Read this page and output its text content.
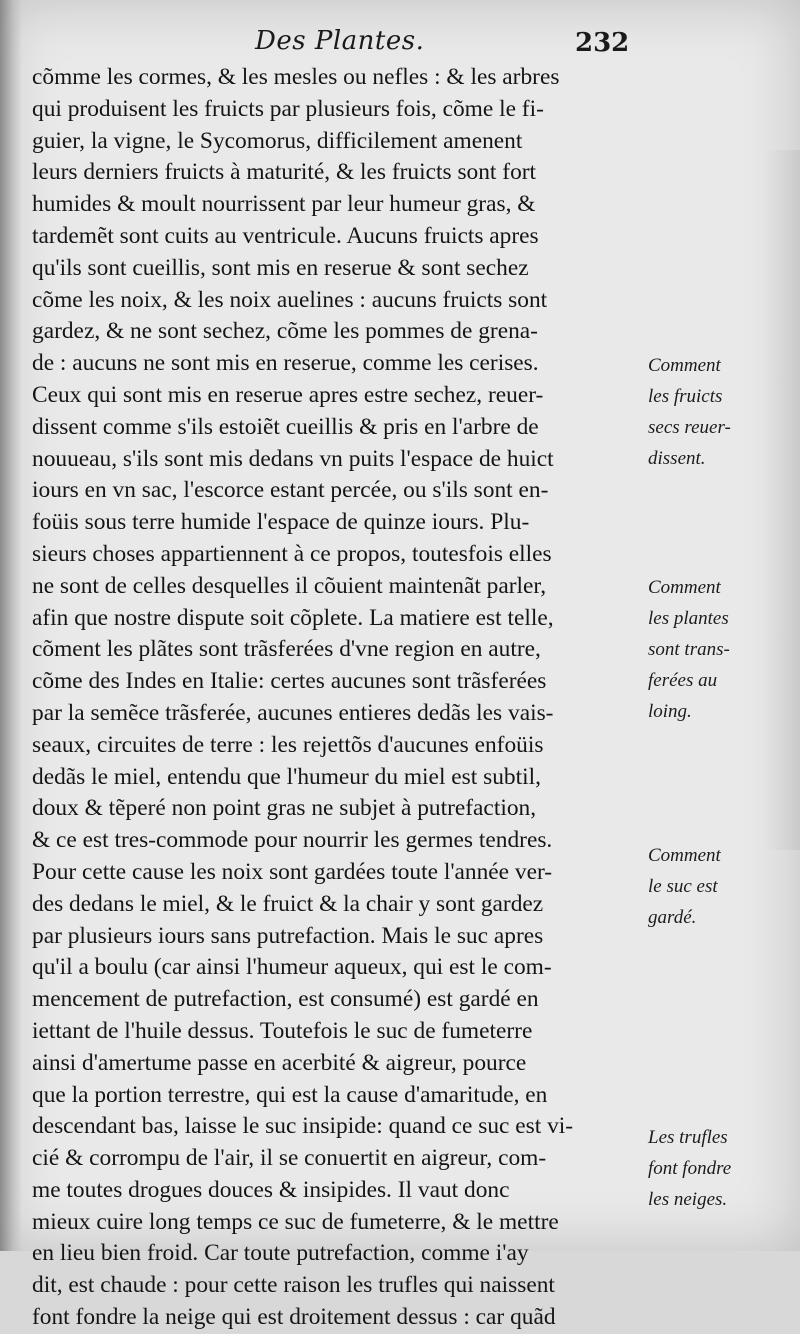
Des Plantes.	232
cõmme les cormes, & les mesles ou nefles : & les arbres
qui produisent les fruicts par plusieurs fois, cõme le fi-
guier, la vigne, le Sycomorus, difficilement amenent
leurs derniers fruicts à maturité, & les fruicts sont fort
humides & moult nourrissent par leur humeur gras, &
tardemẽt sont cuits au ventricule. Aucuns fruicts apres
qu'ils sont cueillis, sont mis en reserue & sont sechez
cõme les noix, & les noix auelines : aucuns fruicts sont
gardez, & ne sont sechez, cõme les pommes de grena-
de : aucuns ne sont mis en reserue, comme les cerises.
Ceux qui sont mis en reserue apres estre sechez, reuer-
dissent comme s'ils estoiẽt cueillis & pris en l'arbre de
nouueau, s'ils sont mis dedans vn puits l'espace de huict
iours en vn sac, l'escorce estant percée, ou s'ils sont en-
foüis sous terre humide l'espace de quinze iours. Plu-
sieurs choses appartiennent à ce propos, toutesfois elles
ne sont de celles desquelles il cõuient maintenãt parler,
afin que nostre dispute soit cõplete. La matiere est telle,
cõment les plãtes sont trãsferées d'vne region en autre,
cõme des Indes en Italie: certes aucunes sont trãsferées
par la semẽce trãsferée, aucunes entieres dedãs les vais-
seaux, circuites de terre : les rejettõs d'aucunes enfoüis
dedãs le miel, entendu que l'humeur du miel est subtil,
doux & tẽperé non point gras ne subjet à putrefaction,
& ce est tres-commode pour nourrir les germes tendres.
Pour cette cause les noix sont gardées toute l'année ver-
des dedans le miel, & le fruict & la chair y sont gardez
par plusieurs iours sans putrefaction. Mais le suc apres
qu'il a boulu (car ainsi l'humeur aqueux, qui est le com-
mencement de putrefaction, est consumé) est gardé en
iettant de l'huile dessus. Toutefois le suc de fumeterre
ainsi d'amertume passe en acerbité & aigreur, pource
que la portion terrestre, qui est la cause d'amaritude, en
descendant bas, laisse le suc insipide: quand ce suc est vi-
cié & corrompu de l'air, il se conuertit en aigreur, com-
me toutes drogues douces & insipides. Il vaut donc
mieux cuire long temps ce suc de fumeterre, & le mettre
en lieu bien froid. Car toute putrefaction, comme i'ay
dit, est chaude : pour cette raison les trufles qui naissent
font fondre la neige qui est droitement dessus : car quãd
Comment
les fruicts
secs reuer-
dissent.
Comment
les plantes
sont trans-
ferées au
loing.
Comment
le suc est
gardé.
Les trufles
font fondre
les neiges.
